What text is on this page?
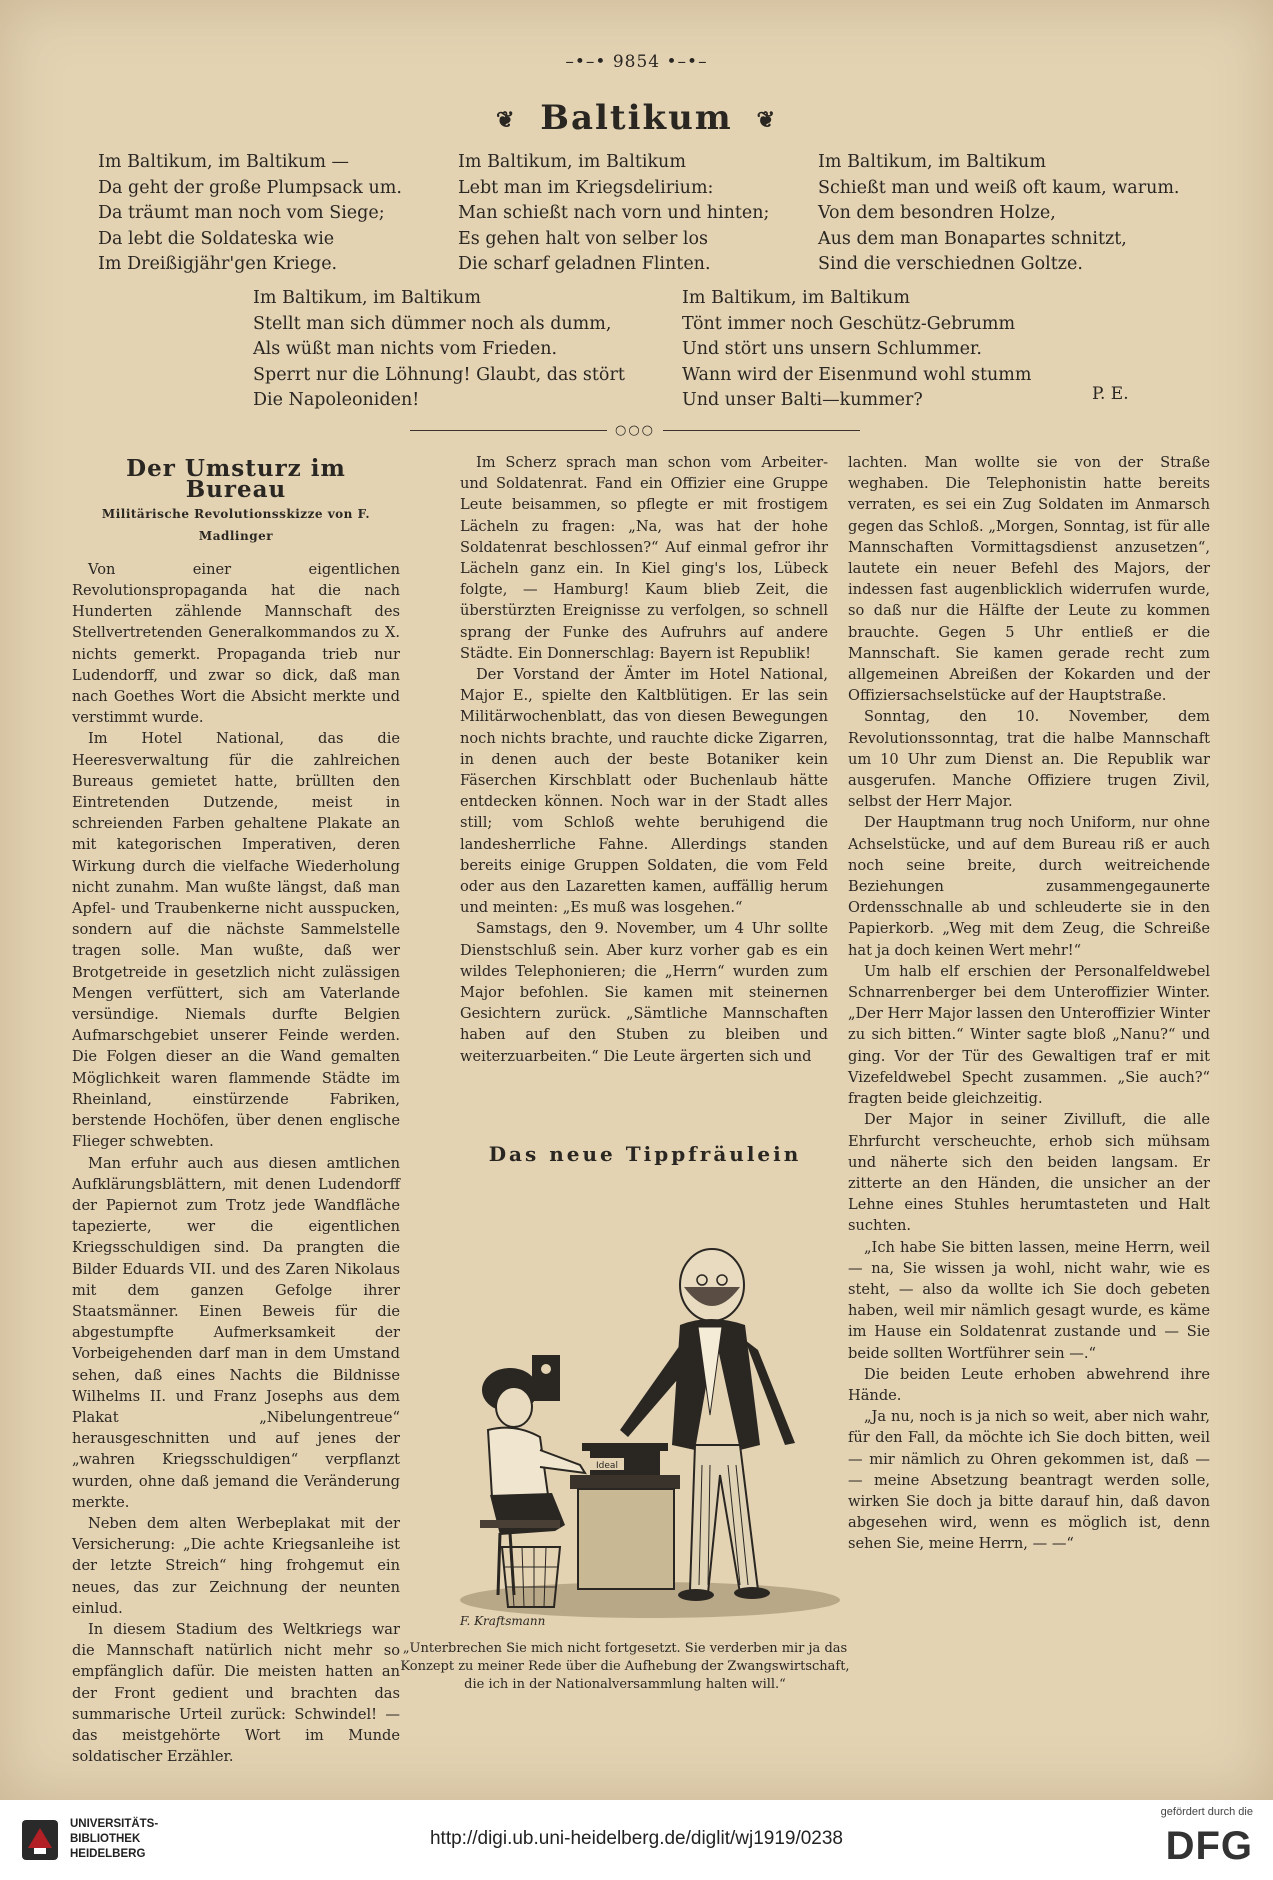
–•–• 9854 •–•–
❦ Baltikum ❦
Im Baltikum, im Baltikum —
Da geht der große Plumpsack um.
Da träumt man noch vom Siege;
Da lebt die Soldateska wie
Im Dreißigjähr'gen Kriege.
Im Baltikum, im Baltikum
Lebt man im Kriegsdelirium:
Man schießt nach vorn und hinten;
Es gehen halt von selber los
Die scharf geladnen Flinten.
Im Baltikum, im Baltikum
Schießt man und weiß oft kaum, warum.
Von dem besondren Holze,
Aus dem man Bonapartes schnitzt,
Sind die verschiednen Goltze.
Im Baltikum, im Baltikum
Stellt man sich dümmer noch als dumm,
Als wüßt man nichts vom Frieden.
Sperrt nur die Löhnung! Glaubt, das stört
Die Napoleoniden!
Im Baltikum, im Baltikum
Tönt immer noch Geschütz-Gebrumm
Und stört uns unsern Schlummer.
Wann wird der Eisenmund wohl stumm
Und unser Balti—kummer?	P. E.
○○○
Der Umsturz im Bureau
Militärische Revolutionsskizze von F. Madlinger

Von einer eigentlichen Revolutionspropaganda hat die nach Hunderten zählende Mannschaft des Stellvertretenden Generalkommandos zu X. nichts gemerkt. Propaganda trieb nur Ludendorff, und zwar so dick, daß man nach Goethes Wort die Absicht merkte und verstimmt wurde.

Im Hotel National, das die Heeresverwaltung für die zahlreichen Bureaus gemietet hatte, brüllten den Eintretenden Dutzende, meist in schreienden Farben gehaltene Plakate an mit kategorischen Imperativen, deren Wirkung durch die vielfache Wiederholung nicht zunahm. Man wußte längst, daß man Apfel- und Traubenkerne nicht ausspucken, sondern auf die nächste Sammelstelle tragen solle. Man wußte, daß wer Brotgetreide in gesetzlich nicht zulässigen Mengen verfüttert, sich am Vaterlande versündige. Niemals durfte Belgien Aufmarschgebiet unserer Feinde werden. Die Folgen dieser an die Wand gemalten Möglichkeit waren flammende Städte im Rheinland, einstürzende Fabriken, berstende Hochöfen, über denen englische Flieger schwebten.

Man erfuhr auch aus diesen amtlichen Aufklärungsblättern, mit denen Ludendorff der Papiernot zum Trotz jede Wandfläche tapezierte, wer die eigentlichen Kriegsschuldigen sind. Da prangten die Bilder Eduards VII. und des Zaren Nikolaus mit dem ganzen Gefolge ihrer Staatsmänner. Einen Beweis für die abgestumpfte Aufmerksamkeit der Vorbeigehenden darf man in dem Umstand sehen, daß eines Nachts die Bildnisse Wilhelms II. und Franz Josephs aus dem Plakat „Nibelungentreue“ herausgeschnitten und auf jenes der „wahren Kriegsschuldigen“ verpflanzt wurden, ohne daß jemand die Veränderung merkte.

Neben dem alten Werbeplakat mit der Versicherung: „Die achte Kriegsanleihe ist der letzte Streich“ hing frohgemut ein neues, das zur Zeichnung der neunten einlud.

In diesem Stadium des Weltkriegs war die Mannschaft natürlich nicht mehr so empfänglich dafür. Die meisten hatten an der Front gedient und brachten das summarische Urteil zurück: Schwindel! — das meistgehörte Wort im Munde soldatischer Erzähler.

Im Scherz sprach man schon vom Arbeiter- und Soldatenrat. Fand ein Offizier eine Gruppe Leute beisammen, so pflegte er mit frostigem Lächeln zu fragen: „Na, was hat der hohe Soldatenrat beschlossen?“ Auf einmal gefror ihr Lächeln ganz ein. In Kiel ging's los, Lübeck folgte, — Hamburg! Kaum blieb Zeit, die überstürzten Ereignisse zu verfolgen, so schnell sprang der Funke des Aufruhrs auf andere Städte. Ein Donnerschlag: Bayern ist Republik!

Der Vorstand der Ämter im Hotel National, Major E., spielte den Kaltblütigen. Er las sein Militärwochenblatt, das von diesen Bewegungen noch nichts brachte, und rauchte dicke Zigarren, in denen auch der beste Botaniker kein Fäserchen Kirschblatt oder Buchenlaub hätte entdecken können. Noch war in der Stadt alles still; vom Schloß wehte beruhigend die landesherrliche Fahne. Allerdings standen bereits einige Gruppen Soldaten, die vom Feld oder aus den Lazaretten kamen, auffällig herum und meinten: „Es muß was losgehen.“

Samstags, den 9. November, um 4 Uhr sollte Dienstschluß sein. Aber kurz vorher gab es ein wildes Telephonieren; die „Herrn“ wurden zum Major befohlen. Sie kamen mit steinernen Gesichtern zurück. „Sämtliche Mannschaften haben auf den Stuben zu bleiben und weiterzuarbeiten.“ Die Leute ärgerten sich und

lachten. Man wollte sie von der Straße weghaben. Die Telephonistin hatte bereits verraten, es sei ein Zug Soldaten im Anmarsch gegen das Schloß. „Morgen, Sonntag, ist für alle Mannschaften Vormittagsdienst anzusetzen“, lautete ein neuer Befehl des Majors, der indessen fast augenblicklich widerrufen wurde, so daß nur die Hälfte der Leute zu kommen brauchte. Gegen 5 Uhr entließ er die Mannschaft. Sie kamen gerade recht zum allgemeinen Abreißen der Kokarden und der Offiziersachselstücke auf der Hauptstraße.

Sonntag, den 10. November, dem Revolutionssonntag, trat die halbe Mannschaft um 10 Uhr zum Dienst an. Die Republik war ausgerufen. Manche Offiziere trugen Zivil, selbst der Herr Major.

Der Hauptmann trug noch Uniform, nur ohne Achselstücke, und auf dem Bureau riß er auch noch seine breite, durch weitreichende Beziehungen zusammengegaunerte Ordensschnalle ab und schleuderte sie in den Papierkorb. „Weg mit dem Zeug, die Schreiße hat ja doch keinen Wert mehr!“

Um halb elf erschien der Personalfeldwebel Schnarrenberger bei dem Unteroffizier Winter. „Der Herr Major lassen den Unteroffizier Winter zu sich bitten.“ Winter sagte bloß „Nanu?“ und ging. Vor der Tür des Gewaltigen traf er mit Vizefeldwebel Specht zusammen. „Sie auch?“ fragten beide gleichzeitig.

Der Major in seiner Zivilluft, die alle Ehrfurcht verscheuchte, erhob sich mühsam und näherte sich den beiden langsam. Er zitterte an den Händen, die unsicher an der Lehne eines Stuhles herumtasteten und Halt suchten.

„Ich habe Sie bitten lassen, meine Herrn, weil — na, Sie wissen ja wohl, nicht wahr, wie es steht, — also da wollte ich Sie doch gebeten haben, weil mir nämlich gesagt wurde, es käme im Hause ein Soldatenrat zustande und — Sie beide sollten Wortführer sein —.“

Die beiden Leute erhoben abwehrend ihre Hände.

„Ja nu, noch is ja nich so weit, aber nich wahr, für den Fall, da möchte ich Sie doch bitten, weil — mir nämlich zu Ohren gekommen ist, daß — — meine Absetzung beantragt werden solle, wirken Sie doch ja bitte darauf hin, daß davon abgesehen wird, wenn es möglich ist, denn sehen Sie, meine Herrn, — —“

Das neue Tippfräulein
Ideal
F. Kraftsmann
„Unterbrechen Sie mich nicht fortgesetzt. Sie verderben mir ja das Konzept zu meiner Rede über die Aufhebung der Zwangswirtschaft, die ich in der Nationalversammlung halten will.“
UNIVERSITÄTS-
BIBLIOTHEK
HEIDELBERG
http://digi.ub.uni-heidelberg.de/diglit/wj1919/0238
gefördert durch die
DFG
